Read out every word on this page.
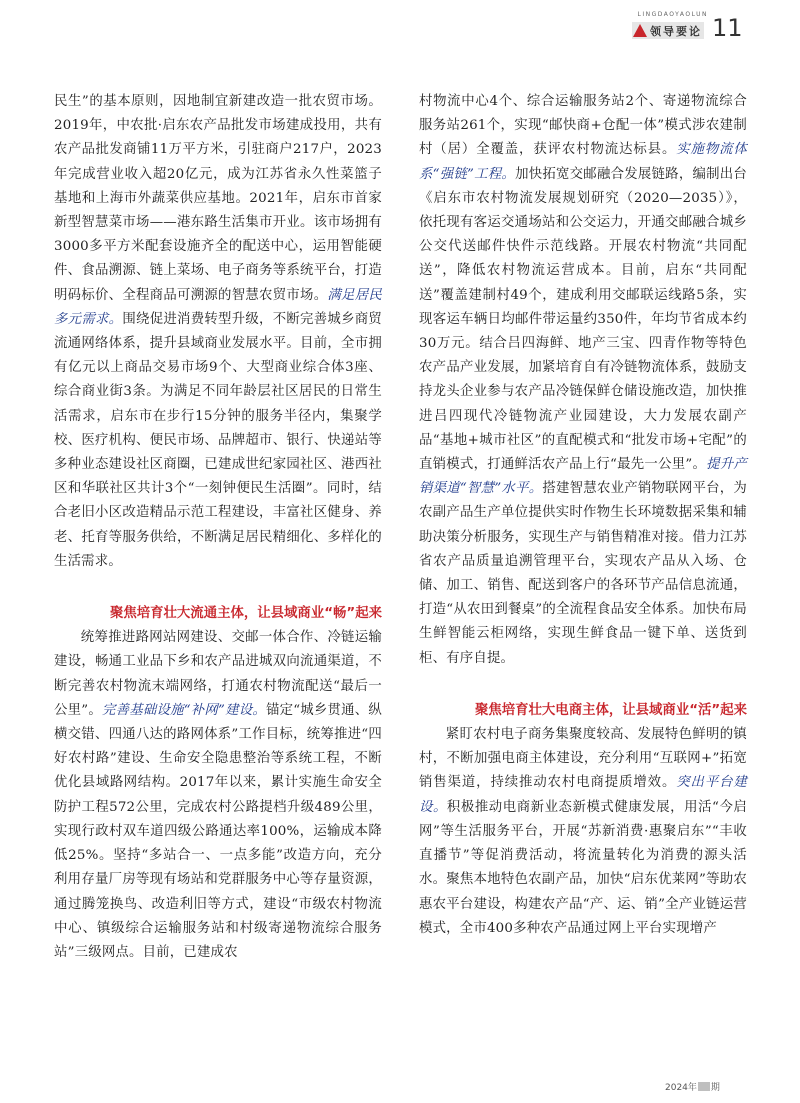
LINGDAOYAOLUN
领导要论 11

民生”的基本原则，因地制宜新建改造一批农贸市场。2019年，中农批·启东农产品批发市场建成投用，共有农产品批发商铺11万平方米，引驻商户217户，2023年完成营业收入超20亿元，成为江苏省永久性菜篮子基地和上海市外蔬菜供应基地。2021年，启东市首家新型智慧菜市场——港东路生活集市开业。该市场拥有3000多平方米配套设施齐全的配送中心，运用智能硬件、食品溯源、链上菜场、电子商务等系统平台，打造明码标价、全程商品可溯源的智慧农贸市场。满足居民多元需求。围绕促进消费转型升级，不断完善城乡商贸流通网络体系，提升县域商业发展水平。目前，全市拥有亿元以上商品交易市场9个、大型商业综合体3座、综合商业街3条。为满足不同年龄层社区居民的日常生活需求，启东市在步行15分钟的服务半径内，集聚学校、医疗机构、便民市场、品牌超市、银行、快递站等多种业态建设社区商圈，已建成世纪家园社区、港西社区和华联社区共计3个“一刻钟便民生活圈”。同时，结合老旧小区改造精品示范工程建设，丰富社区健身、养老、托育等服务供给，不断满足居民精细化、多样化的生活需求。

聚焦培育壮大流通主体，让县域商业“畅”起来

统筹推进路网站网建设、交邮一体合作、冷链运输建设，畅通工业品下乡和农产品进城双向流通渠道，不断完善农村物流末端网络，打通农村物流配送“最后一公里”。完善基础设施“补网”建设。锚定“城乡贯通、纵横交错、四通八达的路网体系”工作目标，统筹推进“四好农村路”建设、生命安全隐患整治等系统工程，不断优化县域路网结构。2017年以来，累计实施生命安全防护工程572公里，完成农村公路提档升级489公里，实现行政村双车道四级公路通达率100%，运输成本降低25%。坚持“多站合一、一点多能”改造方向，充分利用存量厂房等现有场站和党群服务中心等存量资源，通过腾笼换鸟、改造利旧等方式，建设“市级农村物流中心、镇级综合运输服务站和村级寄递物流综合服务站”三级网点。目前，已建成农

村物流中心4个、综合运输服务站2个、寄递物流综合服务站261个，实现“邮快商+仓配一体”模式涉农建制村（居）全覆盖，获评农村物流达标县。实施物流体系“强链”工程。加快拓宽交邮融合发展链路，编制出台《启东市农村物流发展规划研究（2020—2035）》，依托现有客运交通场站和公交运力，开通交邮融合城乡公交代送邮件快件示范线路。开展农村物流“共同配送”，降低农村物流运营成本。目前，启东“共同配送”覆盖建制村49个，建成利用交邮联运线路5条，实现客运车辆日均邮件带运量约350件，年均节省成本约30万元。结合吕四海鲜、地产三宝、四青作物等特色农产品产业发展，加紧培育自有冷链物流体系，鼓励支持龙头企业参与农产品冷链保鲜仓储设施改造，加快推进吕四现代冷链物流产业园建设，大力发展农副产品“基地+城市社区”的直配模式和“批发市场+宅配”的直销模式，打通鲜活农产品上行“最先一公里”。提升产销渠道“智慧”水平。搭建智慧农业产销物联网平台，为农副产品生产单位提供实时作物生长环境数据采集和辅助决策分析服务，实现生产与销售精准对接。借力江苏省农产品质量追溯管理平台，实现农产品从入场、仓储、加工、销售、配送到客户的各环节产品信息流通，打造“从农田到餐桌”的全流程食品安全体系。加快布局生鲜智能云柜网络，实现生鲜食品一键下单、送货到柜、有序自提。

聚焦培育壮大电商主体，让县域商业“活”起来

紧盯农村电子商务集聚度较高、发展特色鲜明的镇村，不断加强电商主体建设，充分利用“互联网+”拓宽销售渠道，持续推动农村电商提质增效。突出平台建设。积极推动电商新业态新模式健康发展，用活“今启网”等生活服务平台，开展“苏新消费·惠聚启东”“丰收直播节”等促消费活动，将流量转化为消费的源头活水。聚焦本地特色农副产品，加快“启东优莱网”等助农惠农平台建设，构建农产品“产、运、销”全产业链运营模式，全市400多种农产品通过网上平台实现增产

2024年 期
